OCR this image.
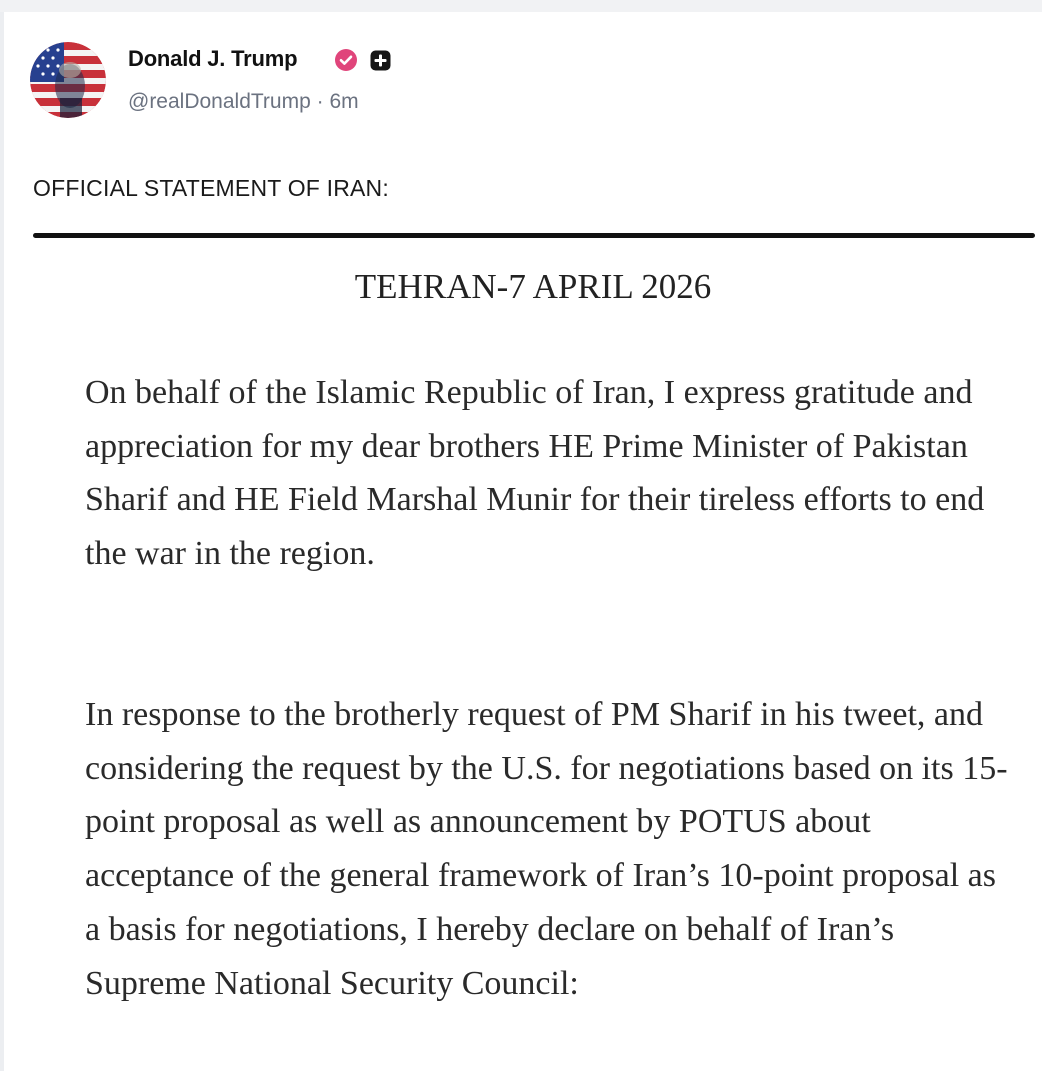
Donald J. Trump
@realDonaldTrump · 6m
OFFICIAL STATEMENT OF IRAN:
TEHRAN-7 APRIL 2026

On behalf of the Islamic Republic of Iran, I express gratitude and appreciation for my dear brothers HE Prime Minister of Pakistan Sharif and HE Field Marshal Munir for their tireless efforts to end the war in the region.

In response to the brotherly request of PM Sharif in his tweet, and considering the request by the U.S. for negotiations based on its 15-point proposal as well as announcement by POTUS about acceptance of the general framework of Iran’s 10-point proposal as a basis for negotiations, I hereby declare on behalf of Iran’s Supreme National Security Council:
